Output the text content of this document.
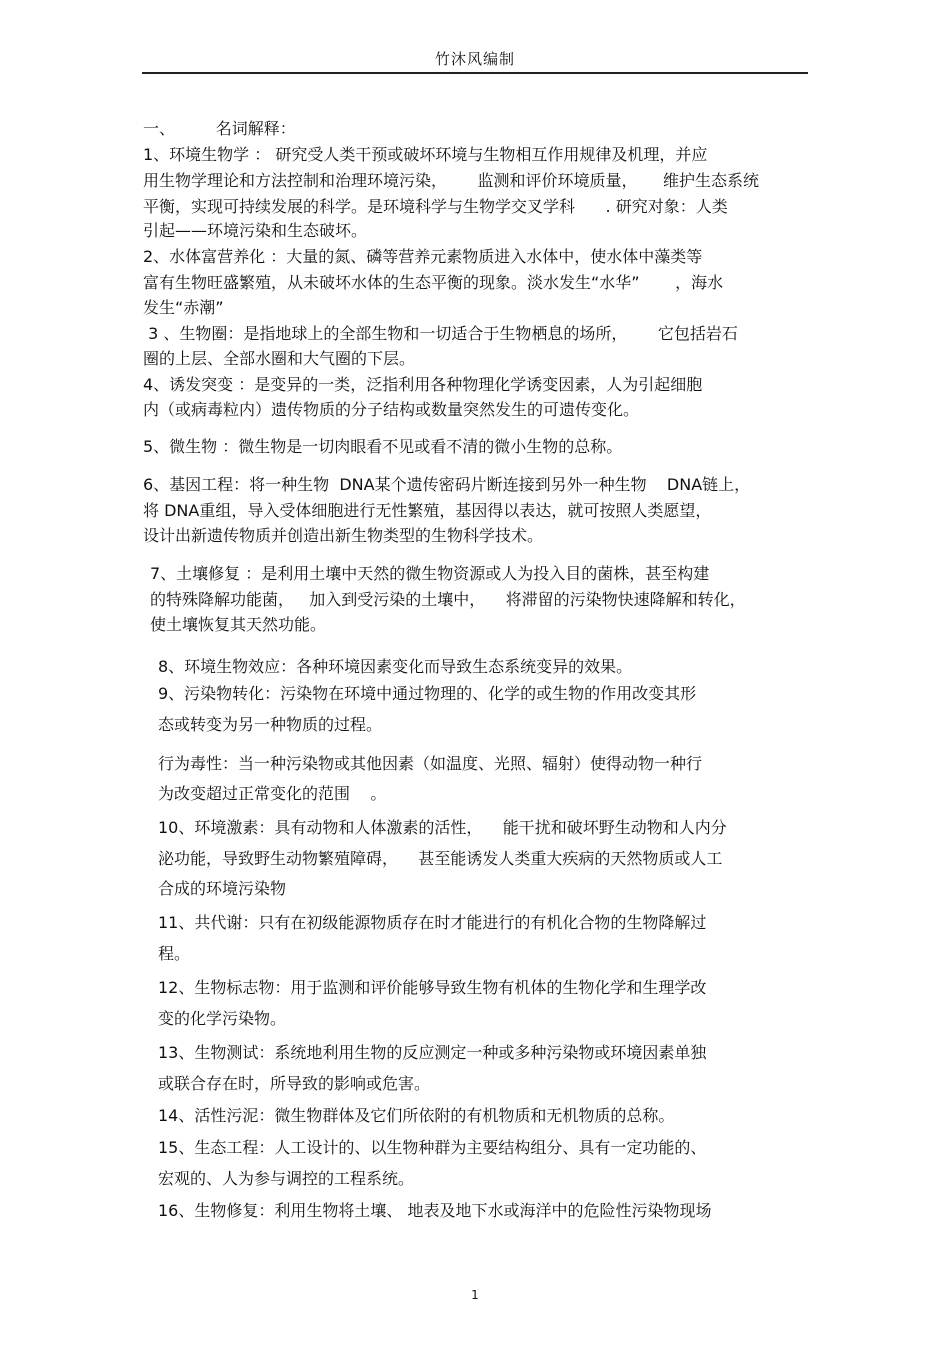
竹沐风编制
一、        名词解释：
1、环境生物学 ： 研究受人类干预或破坏环境与生物相互作用规律及机理，并应
用生物学理论和方法控制和治理环境污染，      监测和评价环境质量，     维护生态系统
平衡，实现可持续发展的科学。是环境科学与生物学交叉学科      . 研究对象：人类
引起——环境污染和生态破坏。
2、水体富营养化 ：大量的氮、磷等营养元素物质进入水体中，使水体中藻类等
富有生物旺盛繁殖，从未破坏水体的生态平衡的现象。淡水发生“水华”       ，海水
发生“赤潮”
3 、生物圈：是指地球上的全部生物和一切适合于生物栖息的场所，      它包括岩石
圈的上层、全部水圈和大气圈的下层。
4、诱发突变 ：是变异的一类，泛指利用各种物理化学诱变因素，人为引起细胞
内（或病毒粒内）遗传物质的分子结构或数量突然发生的可遗传变化。
5、微生物 ：微生物是一切肉眼看不见或看不清的微小生物的总称。
6、基因工程：将一种生物  DNA某个遗传密码片断连接到另外一种生物    DNA链上，
将 DNA重组，导入受体细胞进行无性繁殖，基因得以表达，就可按照人类愿望，
设计出新遗传物质并创造出新生物类型的生物科学技术。
7、土壤修复 ：是利用土壤中天然的微生物资源或人为投入目的菌株，甚至构建
的特殊降解功能菌，   加入到受污染的土壤中，    将滞留的污染物快速降解和转化，
使土壤恢复其天然功能。
8、环境生物效应：各种环境因素变化而导致生态系统变异的效果。
9、污染物转化：污染物在环境中通过物理的、化学的或生物的作用改变其形
态或转变为另一种物质的过程。
行为毒性：当一种污染物或其他因素（如温度、光照、辐射）使得动物一种行
为改变超过正常变化的范围    。
10、环境激素：具有动物和人体激素的活性，    能干扰和破坏野生动物和人内分
泌功能，导致野生动物繁殖障碍，    甚至能诱发人类重大疾病的天然物质或人工
合成的环境污染物
11、共代谢：只有在初级能源物质存在时才能进行的有机化合物的生物降解过
程。
12、生物标志物：用于监测和评价能够导致生物有机体的生物化学和生理学改
变的化学污染物。
13、生物测试：系统地利用生物的反应测定一种或多种污染物或环境因素单独
或联合存在时，所导致的影响或危害。
14、活性污泥：微生物群体及它们所依附的有机物质和无机物质的总称。
15、生态工程：人工设计的、以生物种群为主要结构组分、具有一定功能的、
宏观的、人为参与调控的工程系统。
16、生物修复：利用生物将土壤、 地表及地下水或海洋中的危险性污染物现场
1
